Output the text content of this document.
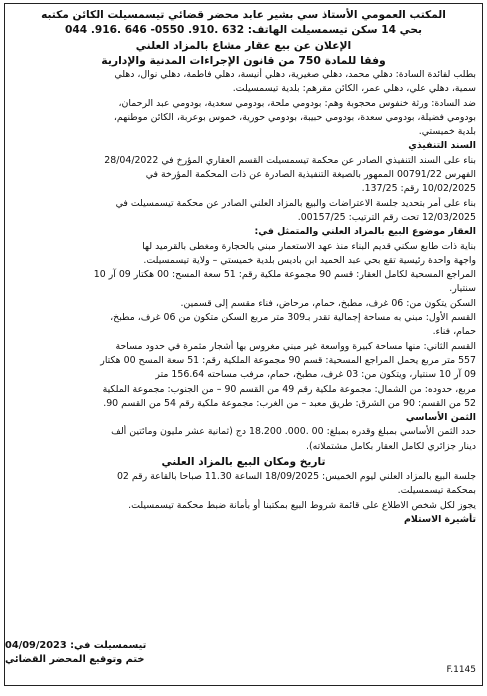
المكتب العمومي الأستاذ سي بشير عابد محضر قضائي تيسمسيلت الكائن مكتبه
بحي 14 سكن تيسمسيلت الهاتف: 632 .910. 0550- 646 .916. 044
الإعلان عن بيع عقار مشاع بالمزاد العلني
وفقا للمادة 750 من قانون الإجراءات المدنية والإدارية
بطلب لفائدة السادة: دهلي محمد، دهلي صغيرية، دهلي أنيسة، دهلي فاطمة، دهلي نوال، دهلي
سمية، دهلي علي، دهلي عمر، الكائن مقرهم: بلدية تيسمسيلت.
ضد السادة: ورثة خنفوس محجوبة وهم: بودومي ملحة، بودومي سعدية، بودومي عبد الرحمان،
بودومي فضيلة، بودومي سعدة، بودومي حبيبة، بودومي حورية، خموس بوعربة، الكائن موطنهم،
بلدية خميستي.
السند التنفيذي
بناء على السند التنفيذي الصادر عن محكمة تيسمسيلت القسم العقاري المؤرخ في 28/04/2022
الفهرس 00791/22 الممهور بالصيغة التنفيذية الصادرة عن ذات المحكمة المؤرخة في
10/02/2025 رقم: 137/25.
بناء على أمر بتحديد جلسة الاعتراضات والبيع بالمزاد العلني الصادر عن محكمة تيسمسيلت في
12/03/2025 تحت رقم الترتيب: 00157/25.
العقار موضوع البيع بالمزاد العلني والمتمثل في:
بناية ذات طابع سكني قديم البناء منذ عهد الاستعمار مبني بالحجارة ومغطى بالقرميد لها
واجهة واحدة رئيسية تقع بحي عبد الحميد ابن باديس بلدية خميستي – ولاية تيسمسيلت.
المراجع المسحية لكامل العقار: قسم 90 مجموعة ملكية رقم: 51 سعة المسح: 00 هكتار 09 آر 10
سنتيار.
السكن يتكون من: 06 غرف، مطبخ، حمام، مرحاض، فناء مقسم إلى قسمين.
القسم الأول: مبني به مساحة إجمالية تقدر بـ309 متر مربع السكن متكون من 06 غرف، مطبخ،
حمام، فناء.
القسم الثاني: منها مساحة كبيرة وواسعة غير مبني مغروس بها أشجار مثمرة في حدود مساحة
557 متر مربع يحمل المراجع المسحية: قسم 90 مجموعة الملكية رقم: 51 سعة المسح 00 هكتار
09 آر 10 سنتيار، ويتكون من: 03 غرف، مطبخ، حمام، مرفب مساحته 156.64 متر
مربع، حدوده: من الشمال: مجموعة ملكية رقم 49 من القسم 90 – من الجنوب: مجموعة الملكية
52 من القسم: 90 من الشرق: طريق معبد – من الغرب: مجموعة ملكية رقم 54 من القسم 90.
الثمن الأساسي
حدد الثمن الأساسي بمبلغ وقدره بمبلغ: 00 .000. 18.200 دج (ثمانية عشر مليون ومائتين ألف
دينار جزائري لكامل العقار بكامل مشتملاته).
تاريخ ومكان البيع بالمزاد العلني
جلسة البيع بالمزاد العلني ليوم الخميس: 18/09/2025 الساعة 11.30 صباحا بالقاعة رقم 02
بمحكمة تيسمسيلت.
يجوز لكل شخص الاطلاع على قائمة شروط البيع بمكتبنا أو بأمانة ضبط محكمة تيسمسيلت.
تأشيرة الاستلام
تيسمسيلت في: 04/09/2023
ختم وتوقيع المحضر القضائي
F.1145
